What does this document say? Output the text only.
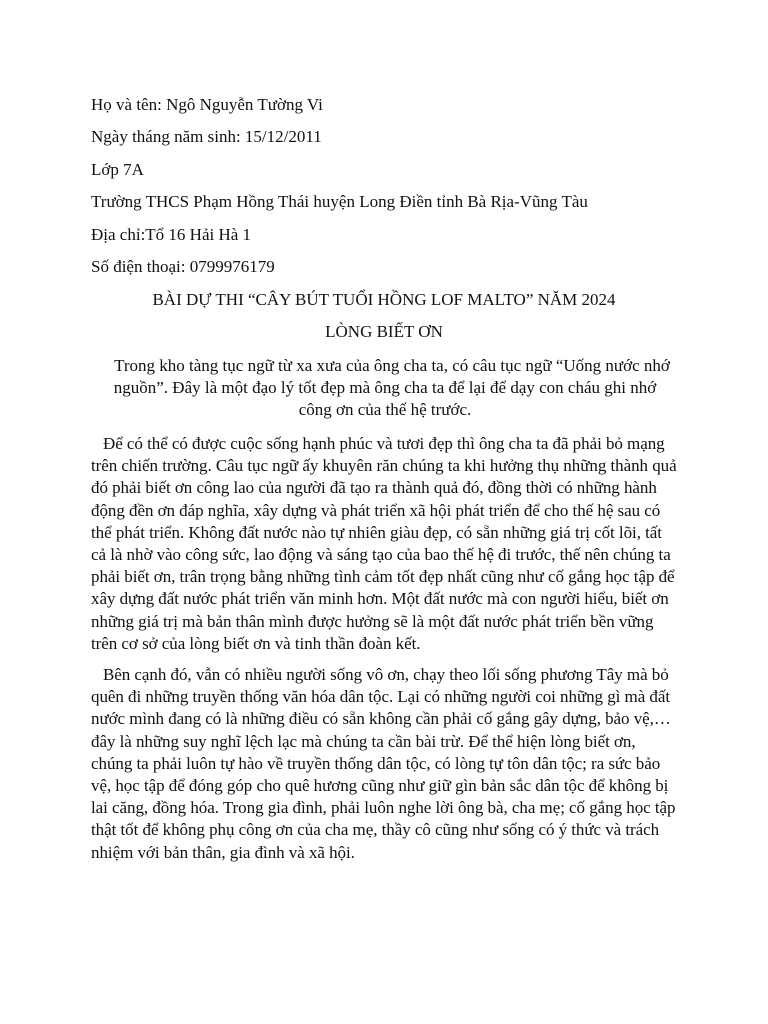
Họ và tên: Ngô Nguyễn Tường Vi

Ngày tháng năm sinh: 15/12/2011

Lớp 7A

Trường THCS Phạm Hồng Thái huyện Long Điền tỉnh Bà Rịa-Vũng Tàu

Địa chỉ:Tổ 16 Hải Hà 1

Số điện thoại: 0799976179

BÀI DỰ THI “CÂY BÚT TUỔI HỒNG LOF MALTO” NĂM 2024

LÒNG BIẾT ƠN

Trong kho tàng tục ngữ từ xa xưa của ông cha ta, có câu tục ngữ “Uống nước nhớ nguồn”. Đây là một đạo lý tốt đẹp mà ông cha ta để lại để dạy con cháu ghi nhớ công ơn của thế hệ trước.

Để có thể có được cuộc sống hạnh phúc và tươi đẹp thì ông cha ta đã phải bỏ mạng trên chiến trường. Câu tục ngữ ấy khuyên răn chúng ta khi hưởng thụ những thành quả đó phải biết ơn công lao của người đã tạo ra thành quả đó, đồng thời có những hành động đền ơn đáp nghĩa, xây dựng và phát triển xã hội phát triển để cho thế hệ sau có thể phát triển. Không đất nước nào tự nhiên giàu đẹp, có sẵn những giá trị cốt lõi, tất cả là nhờ vào công sức, lao động và sáng tạo của bao thế hệ đi trước, thế nên chúng ta phải biết ơn, trân trọng bằng những tình cảm tốt đẹp nhất cũng như cố gắng học tập để xây dựng đất nước phát triển văn minh hơn. Một đất nước mà con người hiểu, biết ơn những giá trị mà bản thân mình được hưởng sẽ là một đất nước phát triển bền vững trên cơ sở của lòng biết ơn và tinh thần đoàn kết.

Bên cạnh đó, vẫn có nhiều người sống vô ơn, chạy theo lối sống phương Tây mà bỏ quên đi những truyền thống văn hóa dân tộc. Lại có những người coi những gì mà đất nước mình đang có là những điều có sẵn không cần phải cố gắng gây dựng, bảo vệ,… đây là những suy nghĩ lệch lạc mà chúng ta cần bài trừ. Để thể hiện lòng biết ơn, chúng ta phải luôn tự hào về truyền thống dân tộc, có lòng tự tôn dân tộc; ra sức bảo vệ, học tập để đóng góp cho quê hương cũng như giữ gìn bản sắc dân tộc để không bị lai căng, đồng hóa. Trong gia đình, phải luôn nghe lời ông bà, cha mẹ; cố gắng học tập thật tốt để không phụ công ơn của cha mẹ, thầy cô cũng như sống có ý thức và trách nhiệm với bản thân, gia đình và xã hội.
